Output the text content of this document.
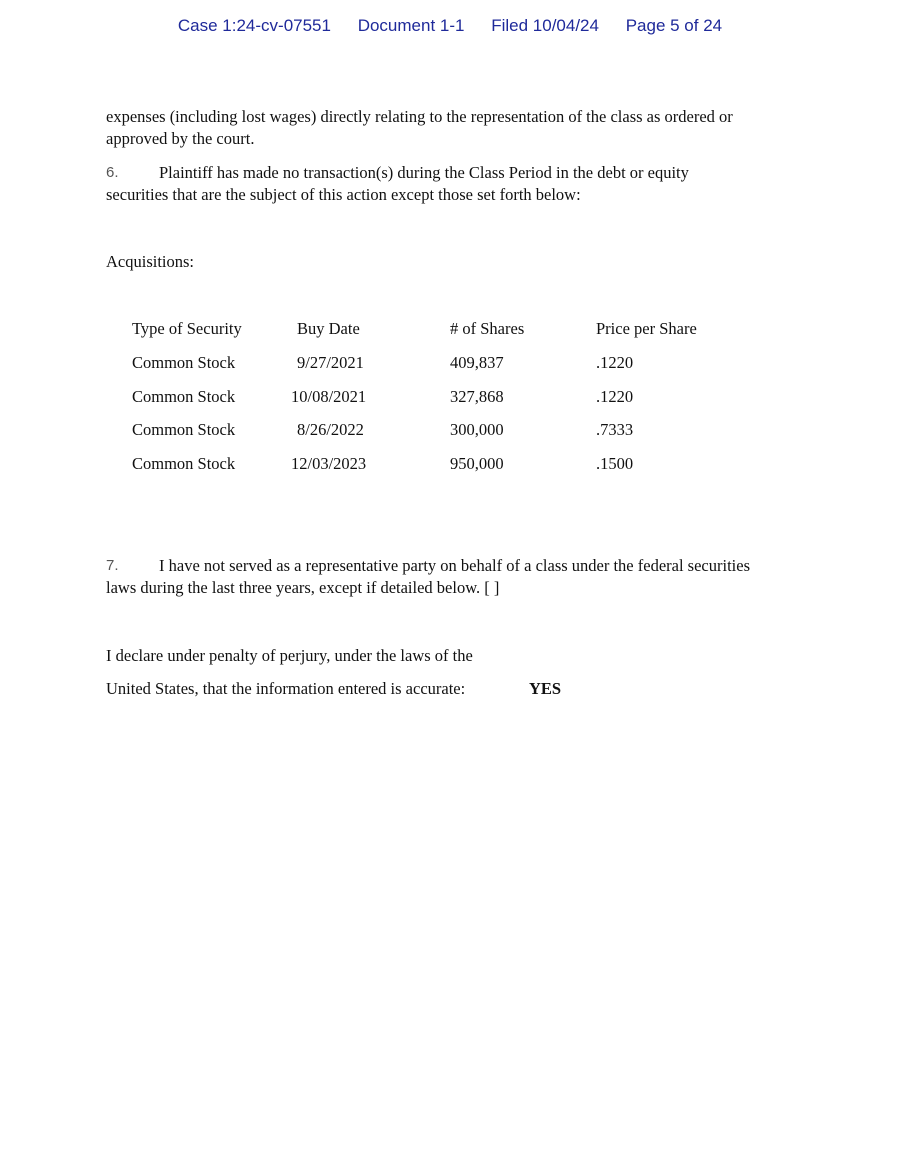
Case 1:24-cv-07551 Document 1-1 Filed 10/04/24 Page 5 of 24
expenses (including lost wages) directly relating to the representation of the class as ordered or
approved by the court.
6. Plaintiff has made no transaction(s) during the Class Period in the debt or equity
securities that are the subject of this action except those set forth below:
Acquisitions:
Type of Security	Buy Date	# of Shares	Price per Share
Common Stock	9/27/2021	409,837	.1220
Common Stock	10/08/2021	327,868	.1220
Common Stock	8/26/2022	300,000	.7333
Common Stock	12/03/2023	950,000	.1500
7. I have not served as a representative party on behalf of a class under the federal securities
laws during the last three years, except if detailed below. [ ]
I declare under penalty of perjury, under the laws of the
United States, that the information entered is accurate:	YES
